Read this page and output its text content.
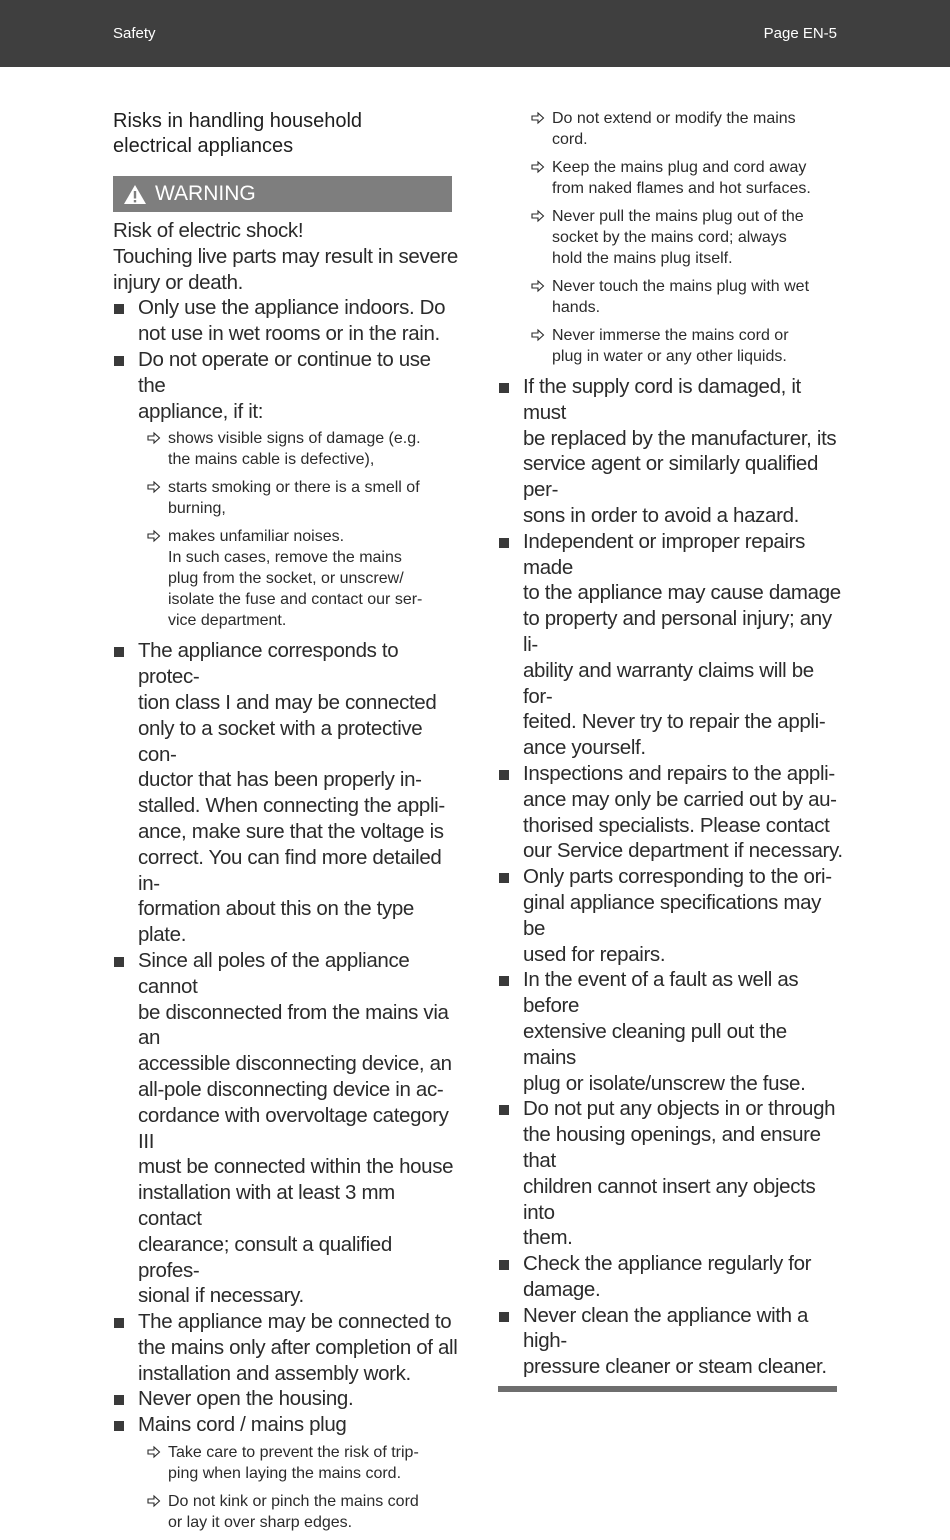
Safety	Page EN-5
Risks in handling household
electrical appliances
WARNING

Risk of electric shock!

Touching live parts may result in severe

injury or death.

Only use the appliance indoors. Do
not use in wet rooms or in the rain.
Do not operate or continue to use the
appliance, if it:
shows visible signs of damage (e.g.
the mains cable is defective),
starts smoking or there is a smell of
burning,
makes unfamiliar noises.
In such cases, remove the mains
plug from the socket, or unscrew/
isolate the fuse and contact our ser-
vice department.
The appliance corresponds to protec-
tion class I and may be connected
only to a socket with a protective con-
ductor that has been properly in-
stalled. When connecting the appli-
ance, make sure that the voltage is
correct. You can find more detailed in-
formation about this on the type plate.
Since all poles of the appliance cannot
be disconnected from the mains via an
accessible disconnecting device, an
all-pole disconnecting device in ac-
cordance with overvoltage category III
must be connected within the house
installation with at least 3 mm contact
clearance; consult a qualified profes-
sional if necessary.
The appliance may be connected to
the mains only after completion of all
installation and assembly work.
Never open the housing.
Mains cord / mains plug
Take care to prevent the risk of trip-
ping when laying the mains cord.
Do not kink or pinch the mains cord
or lay it over sharp edges.
Do not extend or modify the mains
cord.
Keep the mains plug and cord away
from naked flames and hot surfaces.
Never pull the mains plug out of the
socket by the mains cord; always
hold the mains plug itself.
Never touch the mains plug with wet
hands.
Never immerse the mains cord or
plug in water or any other liquids.
If the supply cord is damaged, it must
be replaced by the manufacturer, its
service agent or similarly qualified per-
sons in order to avoid a hazard.
Independent or improper repairs made
to the appliance may cause damage
to property and personal injury; any li-
ability and warranty claims will be for-
feited. Never try to repair the appli-
ance yourself.
Inspections and repairs to the appli-
ance may only be carried out by au-
thorised specialists. Please contact
our Service department if necessary.
Only parts corresponding to the ori-
ginal appliance specifications may be
used for repairs.
In the event of a fault as well as before
extensive cleaning pull out the mains
plug or isolate/unscrew the fuse.
Do not put any objects in or through
the housing openings, and ensure that
children cannot insert any objects into
them.
Check the appliance regularly for
damage.
Never clean the appliance with a high-
pressure cleaner or steam cleaner.
